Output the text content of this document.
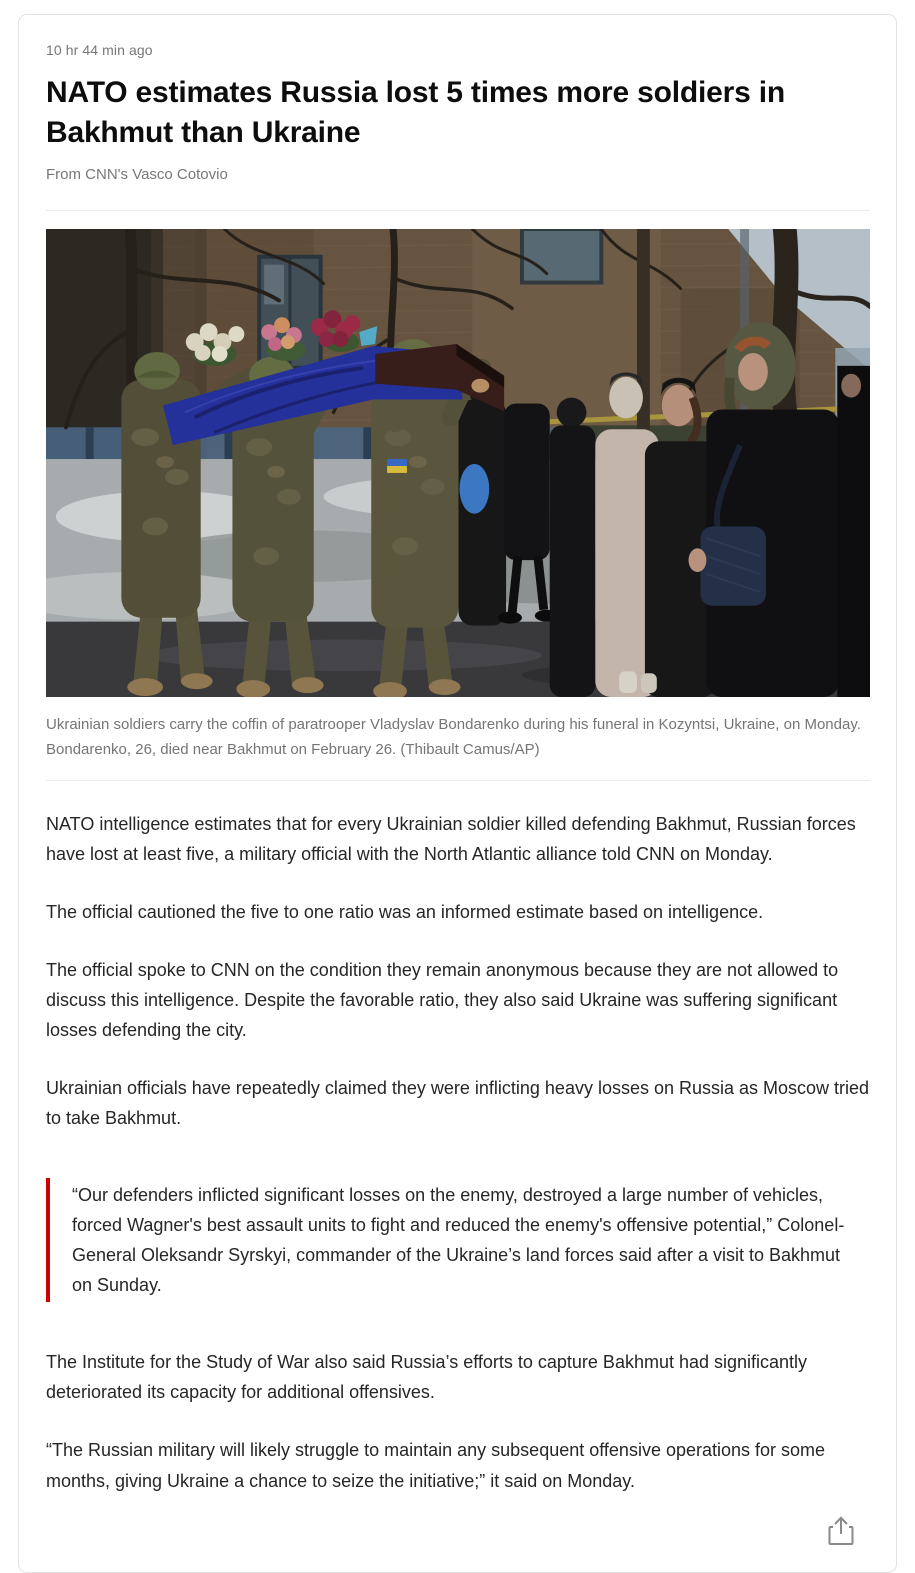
10 hr 44 min ago
NATO estimates Russia lost 5 times more soldiers in Bakhmut than Ukraine
From CNN's Vasco Cotovio
Ukrainian soldiers carry the coffin of paratrooper Vladyslav Bondarenko during his funeral in Kozyntsi, Ukraine, on Monday. Bondarenko, 26, died near Bakhmut on February 26. (Thibault Camus/AP)

NATO intelligence estimates that for every Ukrainian soldier killed defending Bakhmut, Russian forces have lost at least five, a military official with the North Atlantic alliance told CNN on Monday.

The official cautioned the five to one ratio was an informed estimate based on intelligence.

The official spoke to CNN on the condition they remain anonymous because they are not allowed to discuss this intelligence. Despite the favorable ratio, they also said Ukraine was suffering significant losses defending the city.

Ukrainian officials have repeatedly claimed they were inflicting heavy losses on Russia as Moscow tried to take Bakhmut.

“Our defenders inflicted significant losses on the enemy, destroyed a large number of vehicles, forced Wagner's best assault units to fight and reduced the enemy's offensive potential,” Colonel-General Oleksandr Syrskyi, commander of the Ukraine’s land forces said after a visit to Bakhmut on Sunday.

The Institute for the Study of War also said Russia’s efforts to capture Bakhmut had significantly deteriorated its capacity for additional offensives.

“The Russian military will likely struggle to maintain any subsequent offensive operations for some months, giving Ukraine a chance to seize the initiative;” it said on Monday.
